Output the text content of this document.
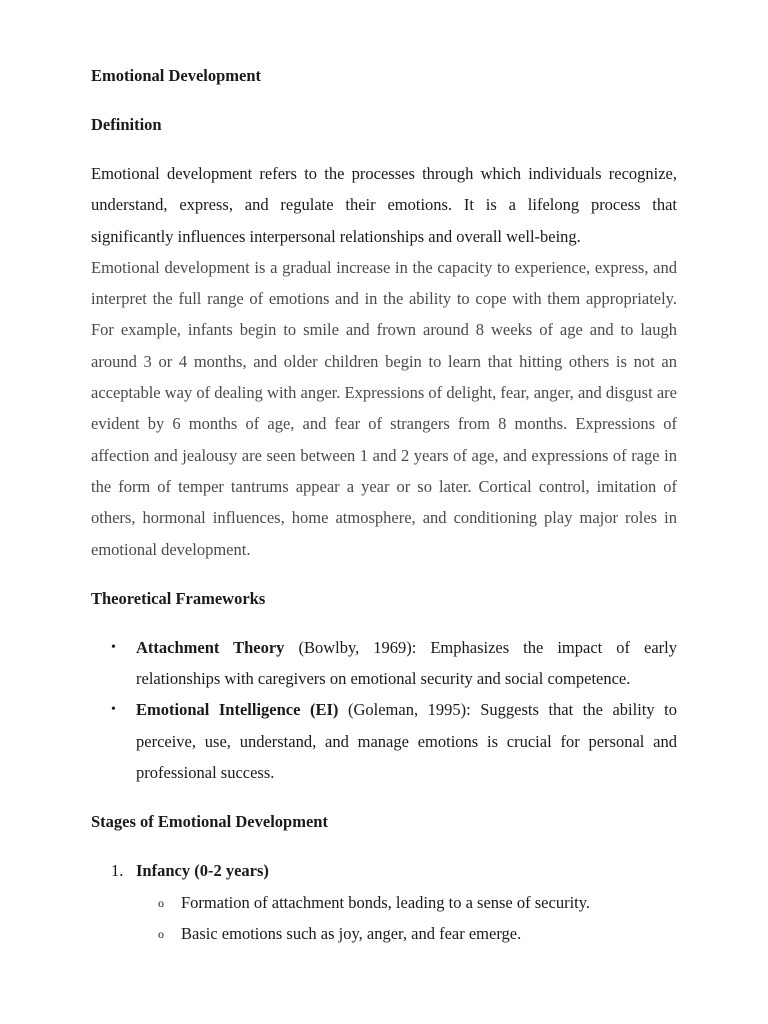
Emotional Development

Definition

Emotional development refers to the processes through which individuals recognize, understand, express, and regulate their emotions. It is a lifelong process that significantly influences interpersonal relationships and overall well-being.

Emotional development is a gradual increase in the capacity to experience, express, and interpret the full range of emotions and in the ability to cope with them appropriately. For example, infants begin to smile and frown around 8 weeks of age and to laugh around 3 or 4 months, and older children begin to learn that hitting others is not an acceptable way of dealing with anger. Expressions of delight, fear, anger, and disgust are evident by 6 months of age, and fear of strangers from 8 months. Expressions of affection and jealousy are seen between 1 and 2 years of age, and expressions of rage in the form of temper tantrums appear a year or so later. Cortical control, imitation of others, hormonal influences, home atmosphere, and conditioning play major roles in emotional development.

Theoretical Frameworks

• Attachment Theory (Bowlby, 1969): Emphasizes the impact of early relationships with caregivers on emotional security and social competence.
• Emotional Intelligence (EI) (Goleman, 1995): Suggests that the ability to perceive, use, understand, and manage emotions is crucial for personal and professional success.

Stages of Emotional Development

1. Infancy (0-2 years)
o Formation of attachment bonds, leading to a sense of security.
o Basic emotions such as joy, anger, and fear emerge.
